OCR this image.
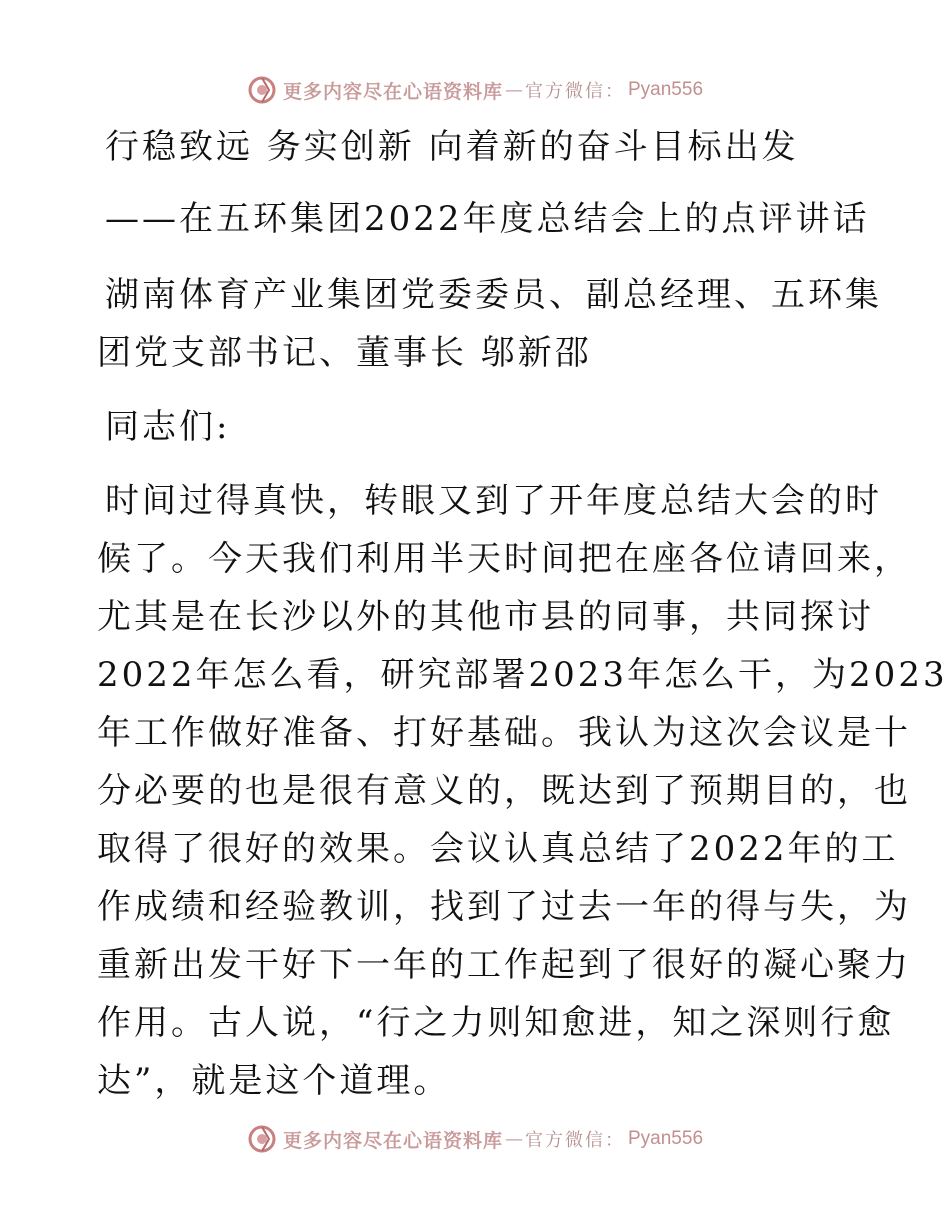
更多内容尽在心语资料库 — 官方微信： Pyan556
行稳致远 务实创新 向着新的奋斗目标出发
——在五环集团2022年度总结会上的点评讲话
湖南体育产业集团党委委员、副总经理、五环集
团党支部书记、董事长 邬新邵
同志们:
时间过得真快，转眼又到了开年度总结大会的时
候了。今天我们利用半天时间把在座各位请回来，
尤其是在长沙以外的其他市县的同事，共同探讨
2022年怎么看，研究部署2023年怎么干，为2023
年工作做好准备、打好基础。我认为这次会议是十
分必要的也是很有意义的，既达到了预期目的，也
取得了很好的效果。会议认真总结了2022年的工
作成绩和经验教训，找到了过去一年的得与失，为
重新出发干好下一年的工作起到了很好的凝心聚力
作用。古人说，“行之力则知愈进，知之深则行愈
达”，就是这个道理。
更多内容尽在心语资料库 — 官方微信： Pyan556
